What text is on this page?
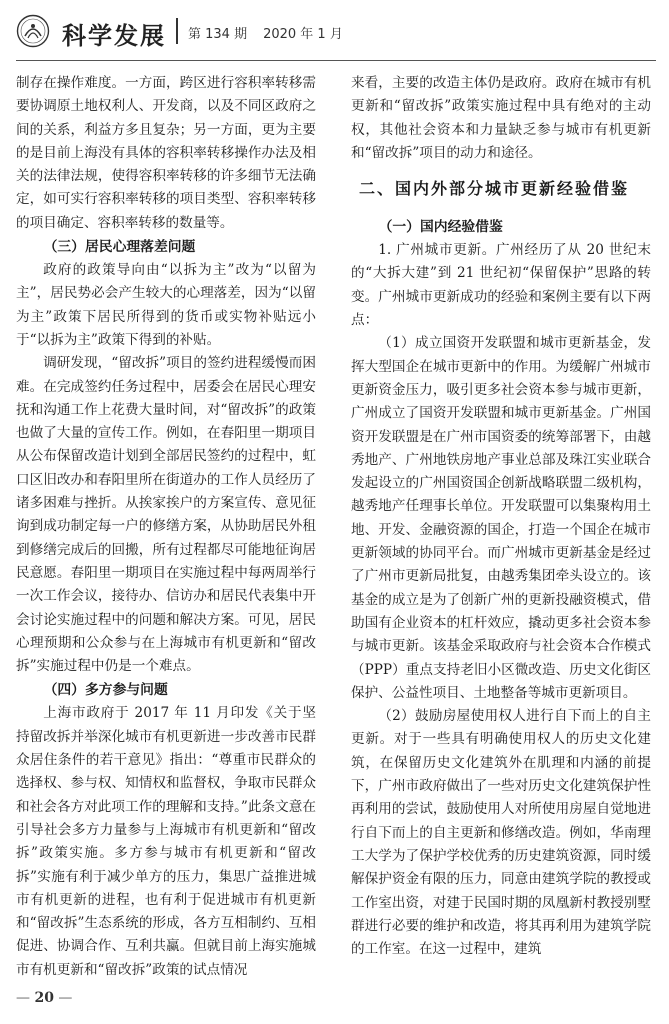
科学发展 第 134 期 2020 年 1 月

制存在操作难度。一方面，跨区进行容积率转移需要协调原土地权利人、开发商，以及不同区政府之间的关系，利益方多且复杂；另一方面，更为主要的是目前上海没有具体的容积率转移操作办法及相关的法律法规，使得容积率转移的许多细节无法确定，如可实行容积率转移的项目类型、容积率转移的项目确定、容积率转移的数量等。

（三）居民心理落差问题

政府的政策导向由“以拆为主”改为“以留为主”，居民势必会产生较大的心理落差，因为“以留为主”政策下居民所得到的货币或实物补贴远小于“以拆为主”政策下得到的补贴。

调研发现，“留改拆”项目的签约进程缓慢而困难。在完成签约任务过程中，居委会在居民心理安抚和沟通工作上花费大量时间，对“留改拆”的政策也做了大量的宣传工作。例如，在春阳里一期项目从公布保留改造计划到全部居民签约的过程中，虹口区旧改办和春阳里所在街道办的工作人员经历了诸多困难与挫折。从挨家挨户的方案宣传、意见征询到成功制定每一户的修缮方案，从协助居民外租到修缮完成后的回搬，所有过程都尽可能地征询居民意愿。春阳里一期项目在实施过程中每两周举行一次工作会议，接待办、信访办和居民代表集中开会讨论实施过程中的问题和解决方案。可见，居民心理预期和公众参与在上海城市有机更新和“留改拆”实施过程中仍是一个难点。

（四）多方参与问题

上海市政府于 2017 年 11 月印发《关于坚持留改拆并举深化城市有机更新进一步改善市民群众居住条件的若干意见》指出：“尊重市民群众的选择权、参与权、知情权和监督权，争取市民群众和社会各方对此项工作的理解和支持。”此条文意在引导社会多方力量参与上海城市有机更新和“留改拆”政策实施。多方参与城市有机更新和“留改拆”实施有利于减少单方的压力，集思广益推进城市有机更新的进程，也有利于促进城市有机更新和“留改拆”生态系统的形成，各方互相制约、互相促进、协调合作、互利共赢。但就目前上海实施城市有机更新和“留改拆”政策的试点情况

来看，主要的改造主体仍是政府。政府在城市有机更新和“留改拆”政策实施过程中具有绝对的主动权，其他社会资本和力量缺乏参与城市有机更新和“留改拆”项目的动力和途径。

二、国内外部分城市更新经验借鉴
（一）国内经验借鉴

1. 广州城市更新。广州经历了从 20 世纪末的“大拆大建”到 21 世纪初“保留保护”思路的转变。广州城市更新成功的经验和案例主要有以下两点：

（1）成立国资开发联盟和城市更新基金，发挥大型国企在城市更新中的作用。为缓解广州城市更新资金压力，吸引更多社会资本参与城市更新，广州成立了国资开发联盟和城市更新基金。广州国资开发联盟是在广州市国资委的统筹部署下，由越秀地产、广州地铁房地产事业总部及珠江实业联合发起设立的广州国资国企创新战略联盟二级机构，越秀地产任理事长单位。开发联盟可以集聚构用土地、开发、金融资源的国企，打造一个国企在城市更新领域的协同平台。而广州城市更新基金是经过了广州市更新局批复，由越秀集团牵头设立的。该基金的成立是为了创新广州的更新投融资模式，借助国有企业资本的杠杆效应，撬动更多社会资本参与城市更新。该基金采取政府与社会资本合作模式（PPP）重点支持老旧小区微改造、历史文化街区保护、公益性项目、土地整备等城市更新项目。

（2）鼓励房屋使用权人进行自下而上的自主更新。对于一些具有明确使用权人的历史文化建筑，在保留历史文化建筑外在肌理和内涵的前提下，广州市政府做出了一些对历史文化建筑保护性再利用的尝试，鼓励使用人对所使用房屋自觉地进行自下而上的自主更新和修缮改造。例如，华南理工大学为了保护学校优秀的历史建筑资源，同时缓解保护资金有限的压力，同意由建筑学院的教授或工作室出资，对建于民国时期的凤凰新村教授别墅群进行必要的维护和改造，将其再利用为建筑学院的工作室。在这一过程中，建筑

— 20 —
